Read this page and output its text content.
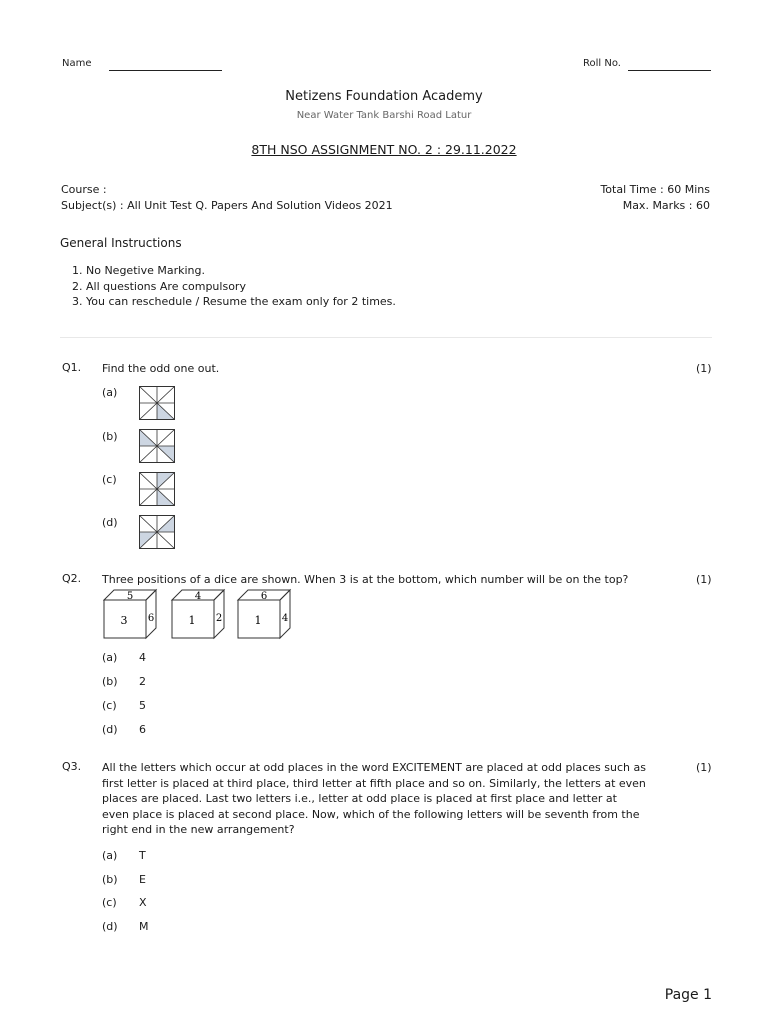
Name	Roll No.
Netizens Foundation Academy
Near Water Tank Barshi Road Latur
8TH NSO ASSIGNMENT NO. 2 : 29.11.2022
Course :
Subject(s) : All Unit Test Q. Papers And Solution Videos 2021
Total Time : 60 Mins
Max. Marks : 60
General Instructions
1. No Negetive Marking.
2. All questions Are compulsory
3. You can reschedule / Resume the exam only for 2 times.
Q1. Find the odd one out.	(1)
(a)
(b)
(c)
(d)
Q2. Three positions of a dice are shown. When 3 is at the bottom, which number will be on the top?	(1)
5
3 6
4
1 2
6
1 4
(a) 4
(b) 2
(c) 5
(d) 6
Q3. All the letters which occur at odd places in the word EXCITEMENT are placed at odd places such as first letter is placed at third place, third letter at fifth place and so on. Similarly, the letters at even places are placed. Last two letters i.e., letter at odd place is placed at first place and letter at even place is placed at second place. Now, which of the following letters will be seventh from the right end in the new arrangement?
(1)
(a) T
(b) E
(c) X
(d) M
Page 1
